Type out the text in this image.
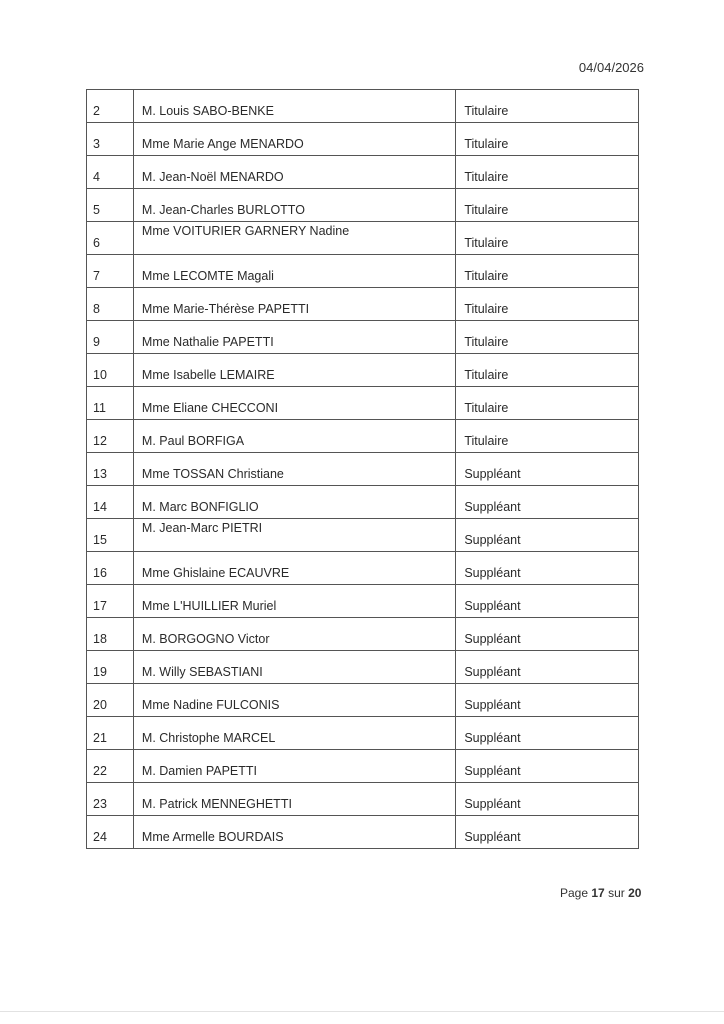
04/04/2026
2	M. Louis SABO-BENKE	Titulaire
3	Mme Marie Ange MENARDO	Titulaire
4	M. Jean-Noël MENARDO	Titulaire
5	M. Jean-Charles BURLOTTO	Titulaire
6	Mme VOITURIER GARNERY Nadine	Titulaire
7	Mme LECOMTE Magali	Titulaire
8	Mme Marie-Thérèse PAPETTI	Titulaire
9	Mme Nathalie PAPETTI	Titulaire
10	Mme Isabelle LEMAIRE	Titulaire
11	Mme Eliane CHECCONI	Titulaire
12	M. Paul BORFIGA	Titulaire
13	Mme TOSSAN Christiane	Suppléant
14	M. Marc BONFIGLIO	Suppléant
15	M. Jean-Marc PIETRI	Suppléant
16	Mme Ghislaine ECAUVRE	Suppléant
17	Mme L'HUILLIER Muriel	Suppléant
18	M. BORGOGNO Victor	Suppléant
19	M. Willy SEBASTIANI	Suppléant
20	Mme Nadine FULCONIS	Suppléant
21	M. Christophe MARCEL	Suppléant
22	M. Damien PAPETTI	Suppléant
23	M. Patrick MENNEGHETTI	Suppléant
24	Mme Armelle BOURDAIS	Suppléant
Page 17 sur 20
